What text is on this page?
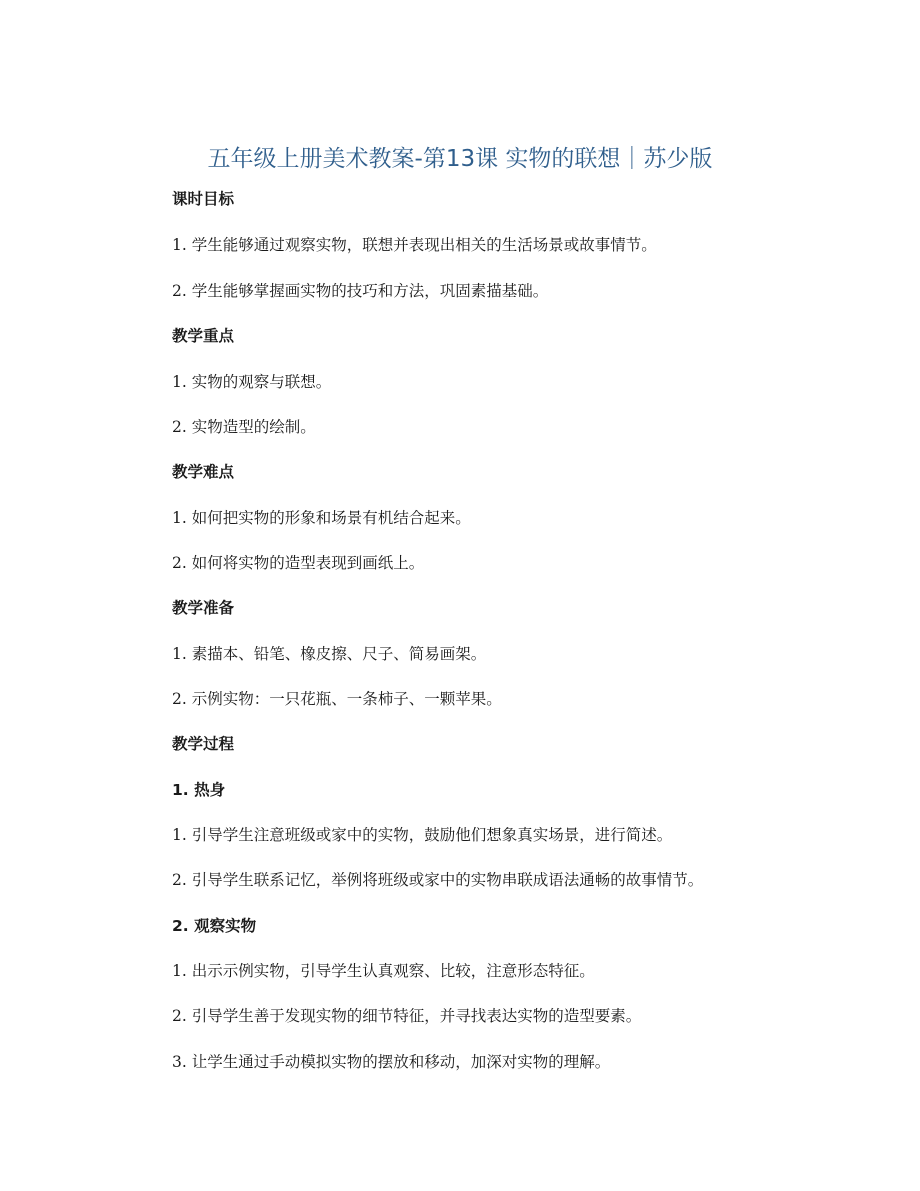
五年级上册美术教案-第13课 实物的联想｜苏少版
课时目标
1. 学生能够通过观察实物，联想并表现出相关的生活场景或故事情节。
2. 学生能够掌握画实物的技巧和方法，巩固素描基础。
教学重点
1. 实物的观察与联想。
2. 实物造型的绘制。
教学难点
1. 如何把实物的形象和场景有机结合起来。
2. 如何将实物的造型表现到画纸上。
教学准备
1. 素描本、铅笔、橡皮擦、尺子、简易画架。
2. 示例实物：一只花瓶、一条柿子、一颗苹果。
教学过程
1. 热身
1. 引导学生注意班级或家中的实物，鼓励他们想象真实场景，进行简述。
2. 引导学生联系记忆，举例将班级或家中的实物串联成语法通畅的故事情节。
2. 观察实物
1. 出示示例实物，引导学生认真观察、比较，注意形态特征。
2. 引导学生善于发现实物的细节特征，并寻找表达实物的造型要素。
3. 让学生通过手动模拟实物的摆放和移动，加深对实物的理解。
